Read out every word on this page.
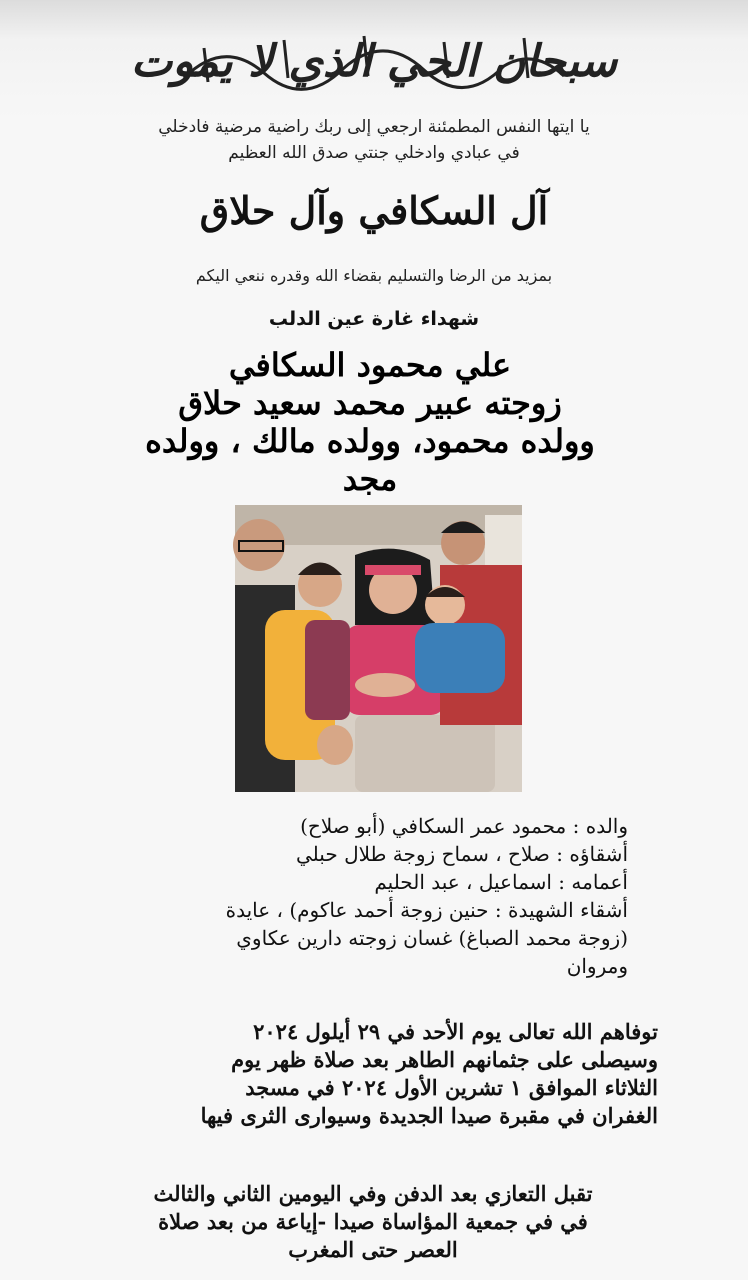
سبحان الحي الذي لا يموت
يا ايتها النفس المطمئنة ارجعي إلى ربك راضية مرضية فادخلي
في عبادي وادخلي جنتي صدق الله العظيم
آل السكافي وآل حلاق
بمزيد من الرضا والتسليم بقضاء الله وقدره ننعي اليكم
شهداء غارة عين الدلب
علي محمود السكافي
زوجته عبير محمد سعيد حلاق
وولده محمود، وولده مالك ، وولده
مجد
والده : محمود عمر السكافي (أبو صلاح)
أشقاؤه : صلاح ، سماح زوجة طلال حبلي
أعمامه : اسماعيل ، عبد الحليم
أشقاء الشهيدة : حنين زوجة أحمد عاكوم) ، عايدة
(زوجة محمد الصباغ) غسان زوجته دارين عكاوي
ومروان
توفاهم الله تعالى يوم الأحد في ٢٩ أيلول ٢٠٢٤
وسيصلى على جثمانهم الطاهر بعد صلاة ظهر يوم
الثلاثاء الموافق ١ تشرين الأول ٢٠٢٤ في مسجد
الغفران في مقبرة صيدا الجديدة وسيوارى الثرى فيها
تقبل التعازي بعد الدفن وفي اليومين الثاني والثالث
في في جمعية المؤاساة صيدا -إياعة من بعد صلاة
العصر حتى المغرب
